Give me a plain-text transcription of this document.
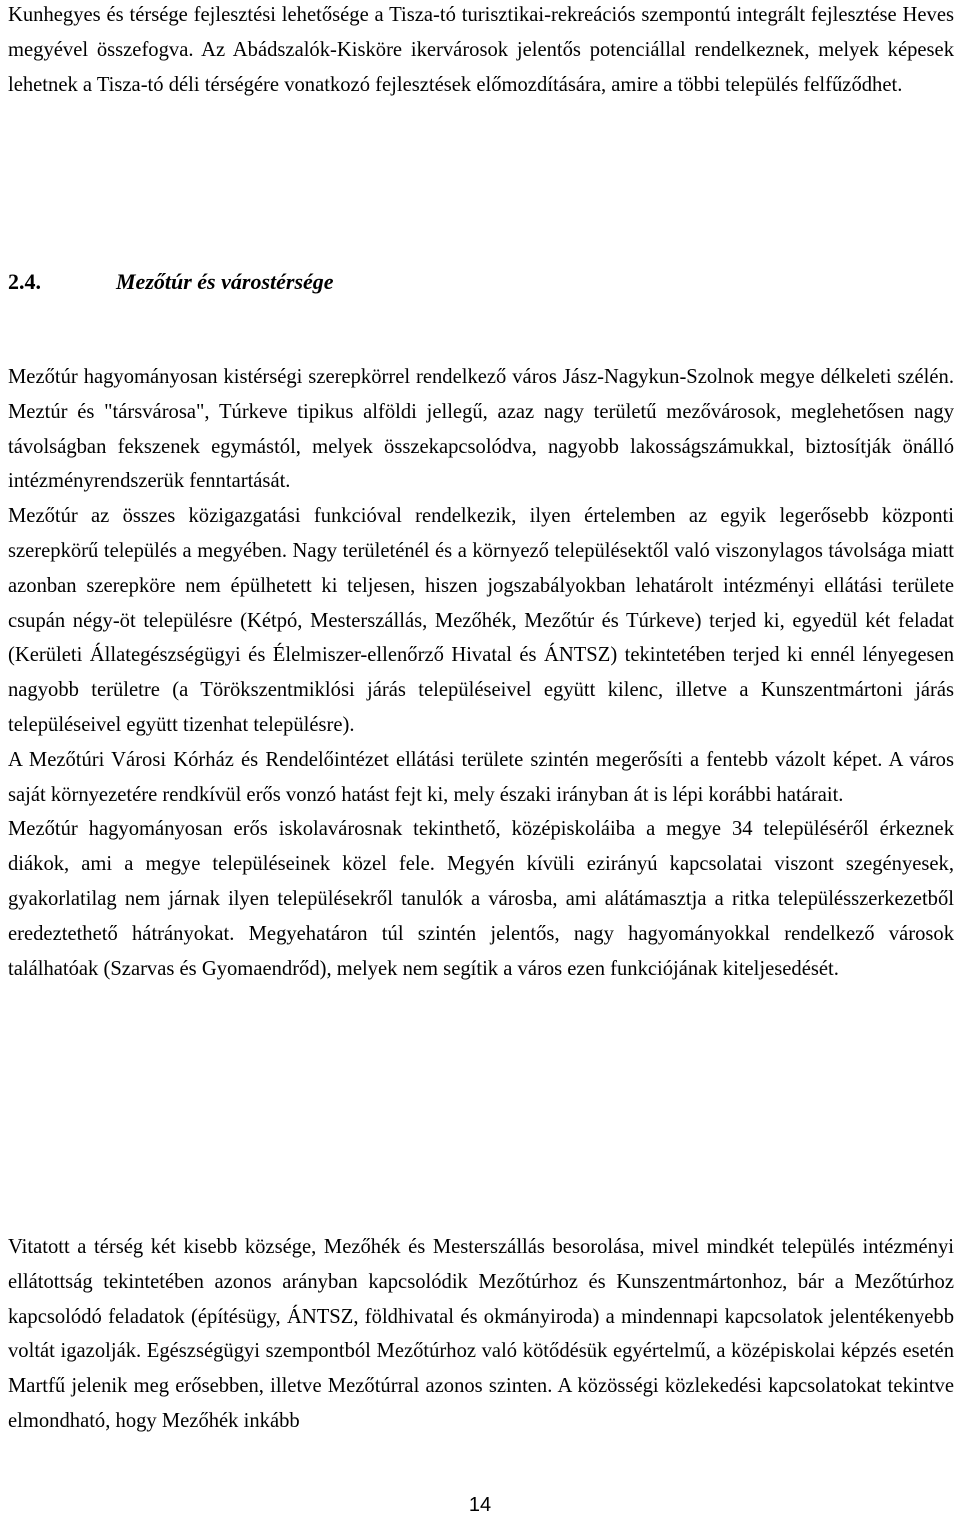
Kunhegyes és térsége fejlesztési lehetősége a Tisza-tó turisztikai-rekreációs szempontú integrált fejlesztése Heves megyével összefogva. Az Abádszalók-Kisköre ikervárosok jelentős potenciállal rendelkeznek, melyek képesek lehetnek a Tisza-tó déli térségére vonatkozó fejlesztések előmozdítására, amire a többi település felfűződhet.

2.4.	Mezőtúr és várostérsége

Mezőtúr hagyományosan kistérségi szerepkörrel rendelkező város Jász-Nagykun-Szolnok megye délkeleti szélén. Meztúr és "társvárosa", Túrkeve tipikus alföldi jellegű, azaz nagy területű mezővárosok, meglehetősen nagy távolságban fekszenek egymástól, melyek összekapcsolódva, nagyobb lakosságszámukkal, biztosítják önálló intézményrendszerük fenntartását.

Mezőtúr az összes közigazgatási funkcióval rendelkezik, ilyen értelemben az egyik legerősebb központi szerepkörű település a megyében. Nagy területénél és a környező településektől való viszonylagos távolsága miatt azonban szerepköre nem épülhetett ki teljesen, hiszen jogszabályokban lehatárolt intézményi ellátási területe csupán négy-öt településre (Kétpó, Mesterszállás, Mezőhék, Mezőtúr és Túrkeve) terjed ki, egyedül két feladat (Kerületi Állategészségügyi és Élelmiszer-ellenőrző Hivatal és ÁNTSZ) tekintetében terjed ki ennél lényegesen nagyobb területre (a Törökszentmiklósi járás településeivel együtt kilenc, illetve a Kunszentmártoni járás településeivel együtt tizenhat településre).

A Mezőtúri Városi Kórház és Rendelőintézet ellátási területe szintén megerősíti a fentebb vázolt képet. A város saját környezetére rendkívül erős vonzó hatást fejt ki, mely északi irányban át is lépi korábbi határait.

Mezőtúr hagyományosan erős iskolavárosnak tekinthető, középiskoláiba a megye 34 településéről érkeznek diákok, ami a megye településeinek közel fele. Megyén kívüli ezirányú kapcsolatai viszont szegényesek, gyakorlatilag nem járnak ilyen településekről tanulók a városba, ami alátámasztja a ritka településszerkezetből eredeztethető hátrányokat. Megyehatáron túl szintén jelentős, nagy hagyományokkal rendelkező városok találhatóak (Szarvas és Gyomaendrőd), melyek nem segítik a város ezen funkciójának kiteljesedését.

Vitatott a térség két kisebb községe, Mezőhék és Mesterszállás besorolása, mivel mindkét település intézményi ellátottság tekintetében azonos arányban kapcsolódik Mezőtúrhoz és Kunszentmártonhoz, bár a Mezőtúrhoz kapcsolódó feladatok (építésügy, ÁNTSZ, földhivatal és okmányiroda) a mindennapi kapcsolatok jelentékenyebb voltát igazolják. Egészségügyi szempontból Mezőtúrhoz való kötődésük egyértelmű, a középiskolai képzés esetén Martfű jelenik meg erősebben, illetve Mezőtúrral azonos szinten. A közösségi közlekedési kapcsolatokat tekintve elmondható, hogy Mezőhék inkább

14
